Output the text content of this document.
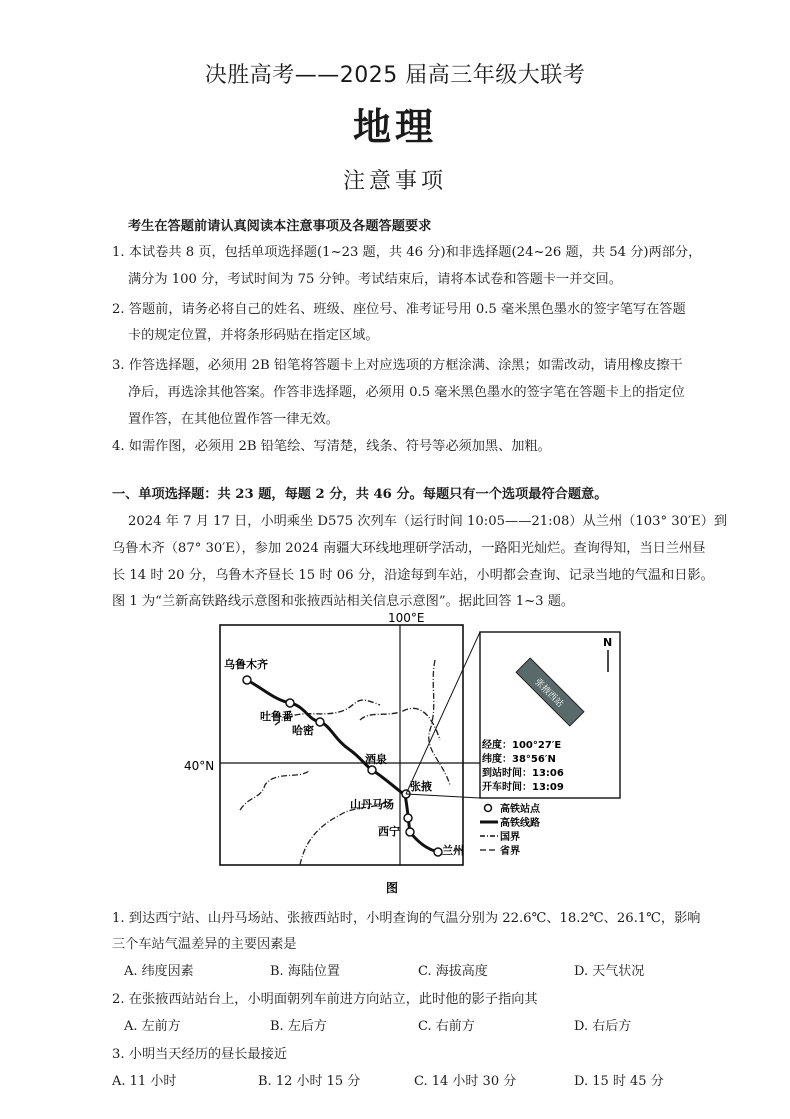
决胜高考——2025 届高三年级大联考
地理
注意事项
考生在答题前请认真阅读本注意事项及各题答题要求
1. 本试卷共 8 页，包括单项选择题(1~23 题，共 46 分)和非选择题(24~26 题，共 54 分)两部分，
满分为 100 分，考试时间为 75 分钟。考试结束后，请将本试卷和答题卡一并交回。
2. 答题前，请务必将自己的姓名、班级、座位号、准考证号用 0.5 毫米黑色墨水的签字笔写在答题
卡的规定位置，并将条形码贴在指定区域。
3. 作答选择题，必须用 2B 铅笔将答题卡上对应选项的方框涂满、涂黑；如需改动，请用橡皮擦干
净后，再选涂其他答案。作答非选择题，必须用 0.5 毫米黑色墨水的签字笔在答题卡上的指定位
置作答，在其他位置作答一律无效。
4. 如需作图，必须用 2B 铅笔绘、写清楚，线条、符号等必须加黑、加粗。
一、单项选择题：共 23 题，每题 2 分，共 46 分。每题只有一个选项最符合题意。
2024 年 7 月 17 日，小明乘坐 D575 次列车（运行时间 10:05——21:08）从兰州（103° 30′E）到
乌鲁木齐（87° 30′E），参加 2024 南疆大环线地理研学活动，一路阳光灿烂。查询得知，当日兰州昼
长 14 时 20 分，乌鲁木齐昼长 15 时 06 分，沿途每到车站，小明都会查询、记录当地的气温和日影。
图 1 为“兰新高铁路线示意图和张掖西站相关信息示意图”。据此回答 1~3 题。
100°E
40°N
乌鲁木齐
吐鲁番
哈密
酒泉
张掖
山丹马场
西宁
兰州
N
张掖西站
经度：100°27′E
纬度：38°56′N
到站时间：13:06
开车时间：13:09
高铁站点
高铁线路
国界
省界
图
1. 到达西宁站、山丹马场站、张掖西站时，小明查询的气温分别为 22.6℃、18.2℃、26.1℃，影响
三个车站气温差异的主要因素是
A. 纬度因素	B. 海陆位置	C. 海拔高度	D. 天气状况
2. 在张掖西站站台上，小明面朝列车前进方向站立，此时他的影子指向其
A. 左前方	B. 左后方	C. 右前方	D. 右后方
3. 小明当天经历的昼长最接近
A. 11 小时	B. 12 小时 15 分	C. 14 小时 30 分	D. 15 时 45 分
